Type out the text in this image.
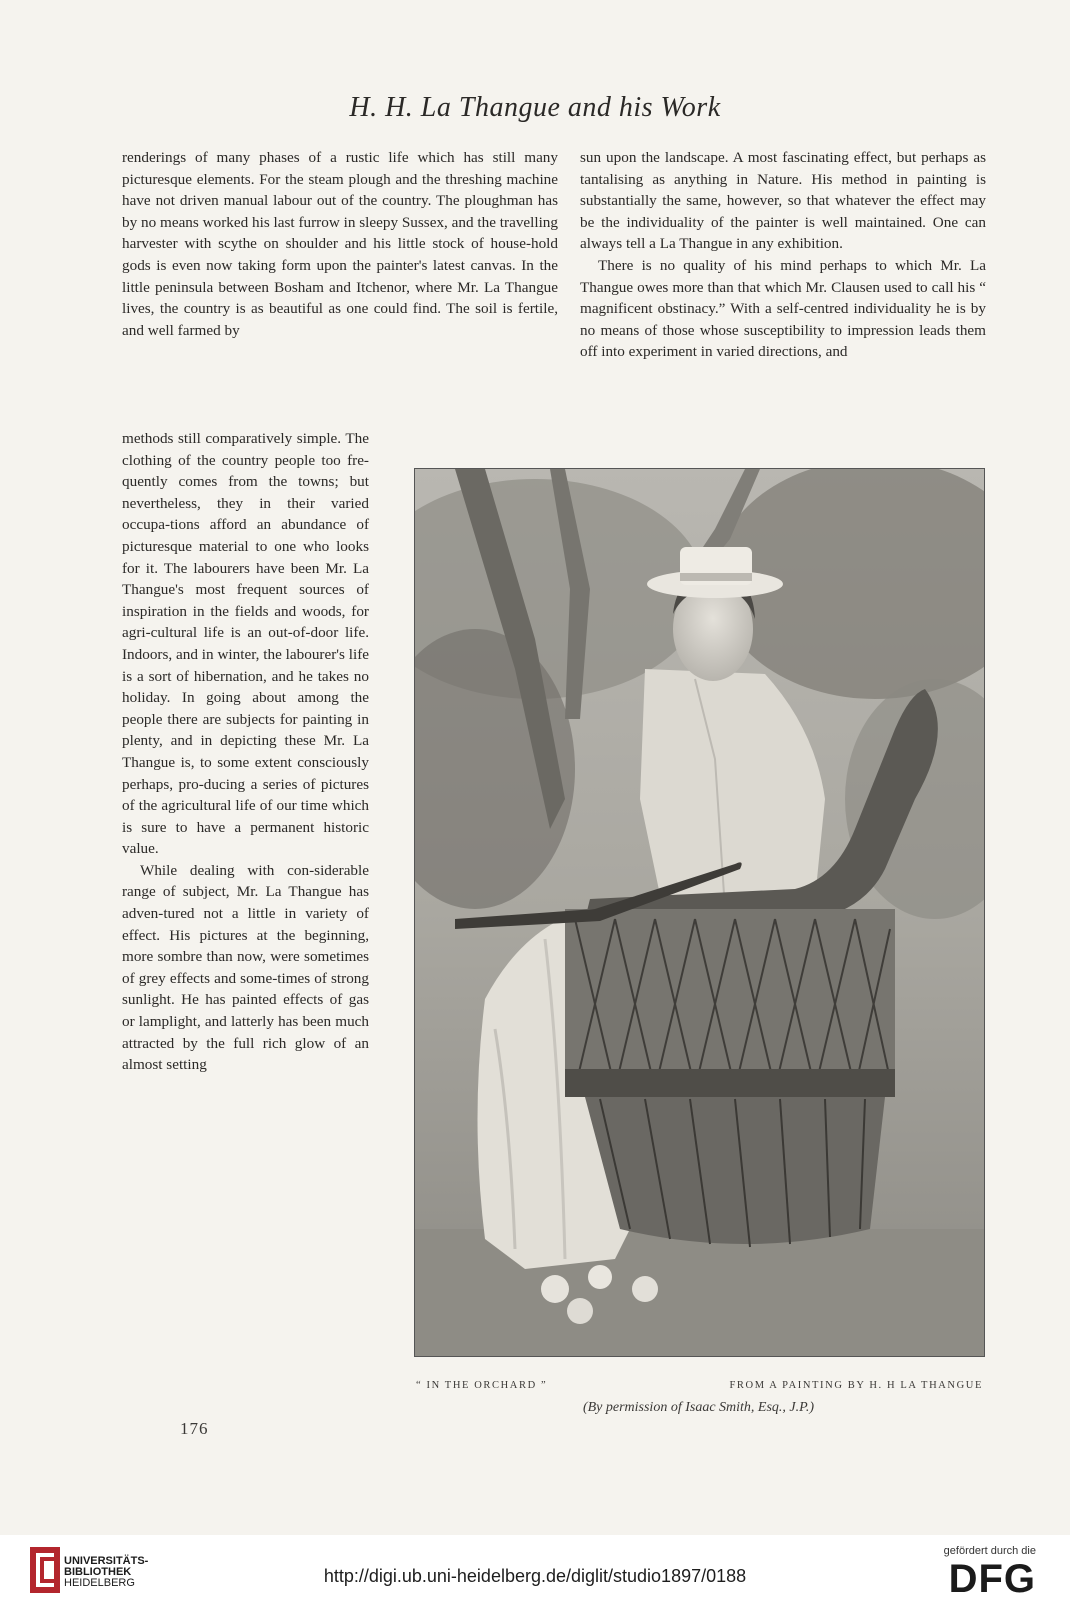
H. H. La Thangue and his Work

renderings of many phases of a rustic life which has still many picturesque elements. For the steam plough and the threshing machine have not driven manual labour out of the country. The ploughman has by no means worked his last furrow in sleepy Sussex, and the travelling harvester with scythe on shoulder and his little stock of house-hold gods is even now taking form upon the painter's latest canvas. In the little peninsula between Bosham and Itchenor, where Mr. La Thangue lives, the country is as beautiful as one could find. The soil is fertile, and well farmed by

methods still comparatively simple. The clothing of the country people too fre-quently comes from the towns; but nevertheless, they in their varied occupa-tions afford an abundance of picturesque material to one who looks for it. The labourers have been Mr. La Thangue's most frequent sources of inspiration in the fields and woods, for agri-cultural life is an out-of-door life. Indoors, and in winter, the labourer's life is a sort of hibernation, and he takes no holiday. In going about among the people there are subjects for painting in plenty, and in depicting these Mr. La Thangue is, to some extent consciously perhaps, pro-ducing a series of pictures of the agricultural life of our time which is sure to have a permanent historic value.

While dealing with con-siderable range of subject, Mr. La Thangue has adven-tured not a little in variety of effect. His pictures at the beginning, more sombre than now, were sometimes of grey effects and some-times of strong sunlight. He has painted effects of gas or lamplight, and latterly has been much attracted by the full rich glow of an almost setting

sun upon the landscape. A most fascinating effect, but perhaps as tantalising as anything in Nature. His method in painting is substantially the same, however, so that whatever the effect may be the individuality of the painter is well maintained. One can always tell a La Thangue in any exhibition.

There is no quality of his mind perhaps to which Mr. La Thangue owes more than that which Mr. Clausen used to call his “ magnificent obstinacy.” With a self-centred individuality he is by no means of those whose susceptibility to impression leads them off into experiment in varied directions, and

“ IN THE ORCHARD ”	FROM A PAINTING BY H. H LA THANGUE
(By permission of Isaac Smith, Esq., J.P.)
176
UNIVERSITÄTS-
BIBLIOTHEK
HEIDELBERG	http://digi.ub.uni-heidelberg.de/diglit/studio1897/0188
gefördert durch die
DFG
